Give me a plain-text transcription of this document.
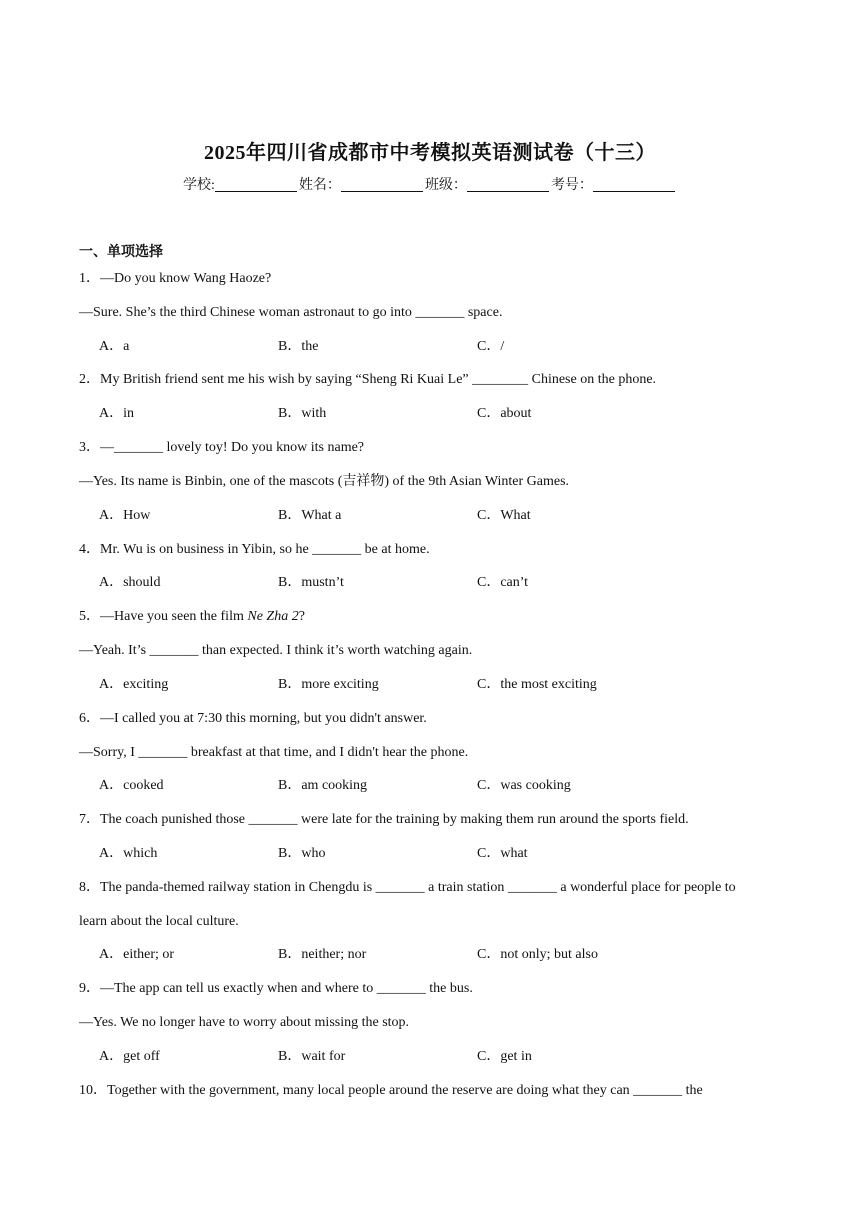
2025年四川省成都市中考模拟英语测试卷（十三）
学校:	姓名：	班级：	考号：
一、单项选择
1．—Do you know Wang Haoze?
—Sure. She’s the third Chinese woman astronaut to go into _______ space.
A．a	B．the	C．/
2．My British friend sent me his wish by saying “Sheng Ri Kuai Le” ________ Chinese on the phone.
A．in	B．with	C．about
3．—_______ lovely toy! Do you know its name?
—Yes. Its name is Binbin, one of the mascots (吉祥物) of the 9th Asian Winter Games.
A．How	B．What a	C．What
4．Mr. Wu is on business in Yibin, so he _______ be at home.
A．should	B．mustn’t	C．can’t
5．—Have you seen the film Ne Zha 2?
—Yeah. It’s _______ than expected. I think it’s worth watching again.
A．exciting	B．more exciting	C．the most exciting
6．—I called you at 7:30 this morning, but you didn't answer.
—Sorry, I _______ breakfast at that time, and I didn't hear the phone.
A．cooked	B．am cooking	C．was cooking
7．The coach punished those _______ were late for the training by making them run around the sports field.
A．which	B．who	C．what
8．The panda-themed railway station in Chengdu is _______ a train station _______ a wonderful place for people to
learn about the local culture.
A．either; or	B．neither; nor	C．not only; but also
9．—The app can tell us exactly when and where to _______ the bus.
—Yes. We no longer have to worry about missing the stop.
A．get off	B．wait for	C．get in
10．Together with the government, many local people around the reserve are doing what they can _______ the
